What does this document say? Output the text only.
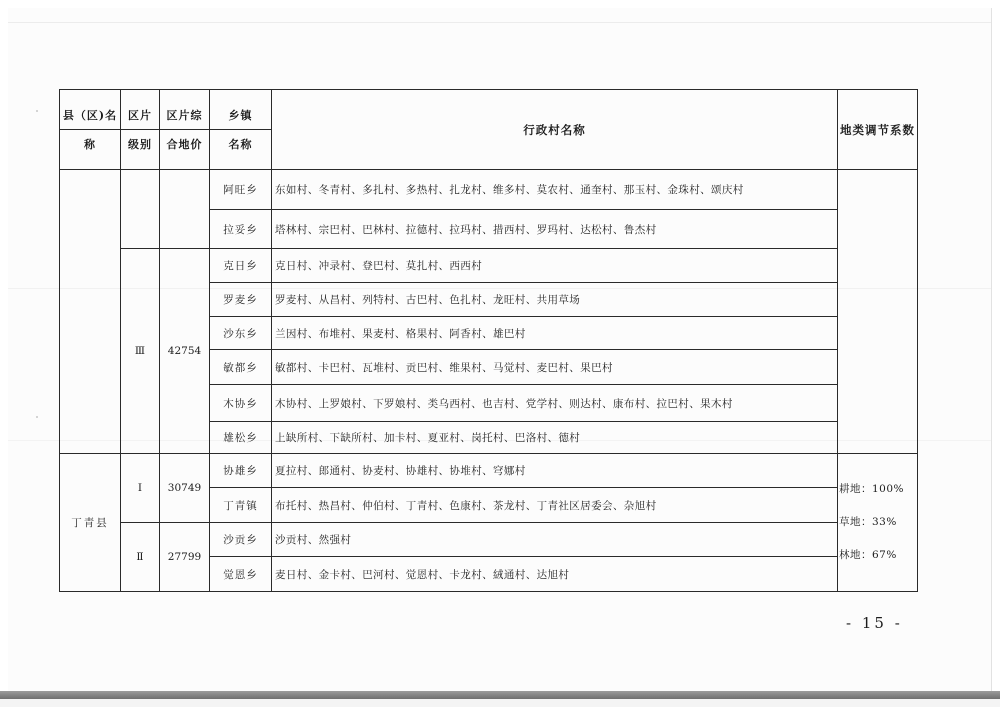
县（区)名	区片	区片综	乡镇	行政村名称	地类调节系数
称	级别	合地价	名称		
			阿旺乡	东如村、冬青村、多扎村、多热村、扎龙村、维多村、莫农村、通奎村、那玉村、金珠村、颂庆村	
			拉妥乡	塔林村、宗巴村、巴林村、拉德村、拉玛村、措西村、罗玛村、达松村、鲁杰村	
	Ⅲ	42754	克日乡	克日村、冲录村、登巴村、莫扎村、西西村	
			罗麦乡	罗麦村、从昌村、列特村、古巴村、色扎村、龙旺村、共用草场	
			沙东乡	兰因村、布堆村、果麦村、格果村、阿香村、雄巴村	
			敏都乡	敏都村、卡巴村、瓦堆村、贡巴村、维果村、马觉村、麦巴村、果巴村	
			木协乡	木协村、上罗娘村、下罗娘村、类乌西村、也吉村、党学村、则达村、康布村、拉巴村、果木村	
			雄松乡	上缺所村、下缺所村、加卡村、夏亚村、岗托村、巴洛村、德村	
丁青县	Ⅰ	30749	协雄乡	夏拉村、郎通村、协麦村、协雄村、协堆村、穹娜村	耕地：100%
草地：33%
林地：67%

			丁青镇	布托村、热昌村、仲伯村、丁青村、色康村、茶龙村、丁青社区居委会、杂旭村	
	Ⅱ	27799	沙贡乡	沙贡村、然强村	
			觉恩乡	麦日村、金卡村、巴河村、觉恩村、卡龙村、絨通村、达旭村	
- 15 -
